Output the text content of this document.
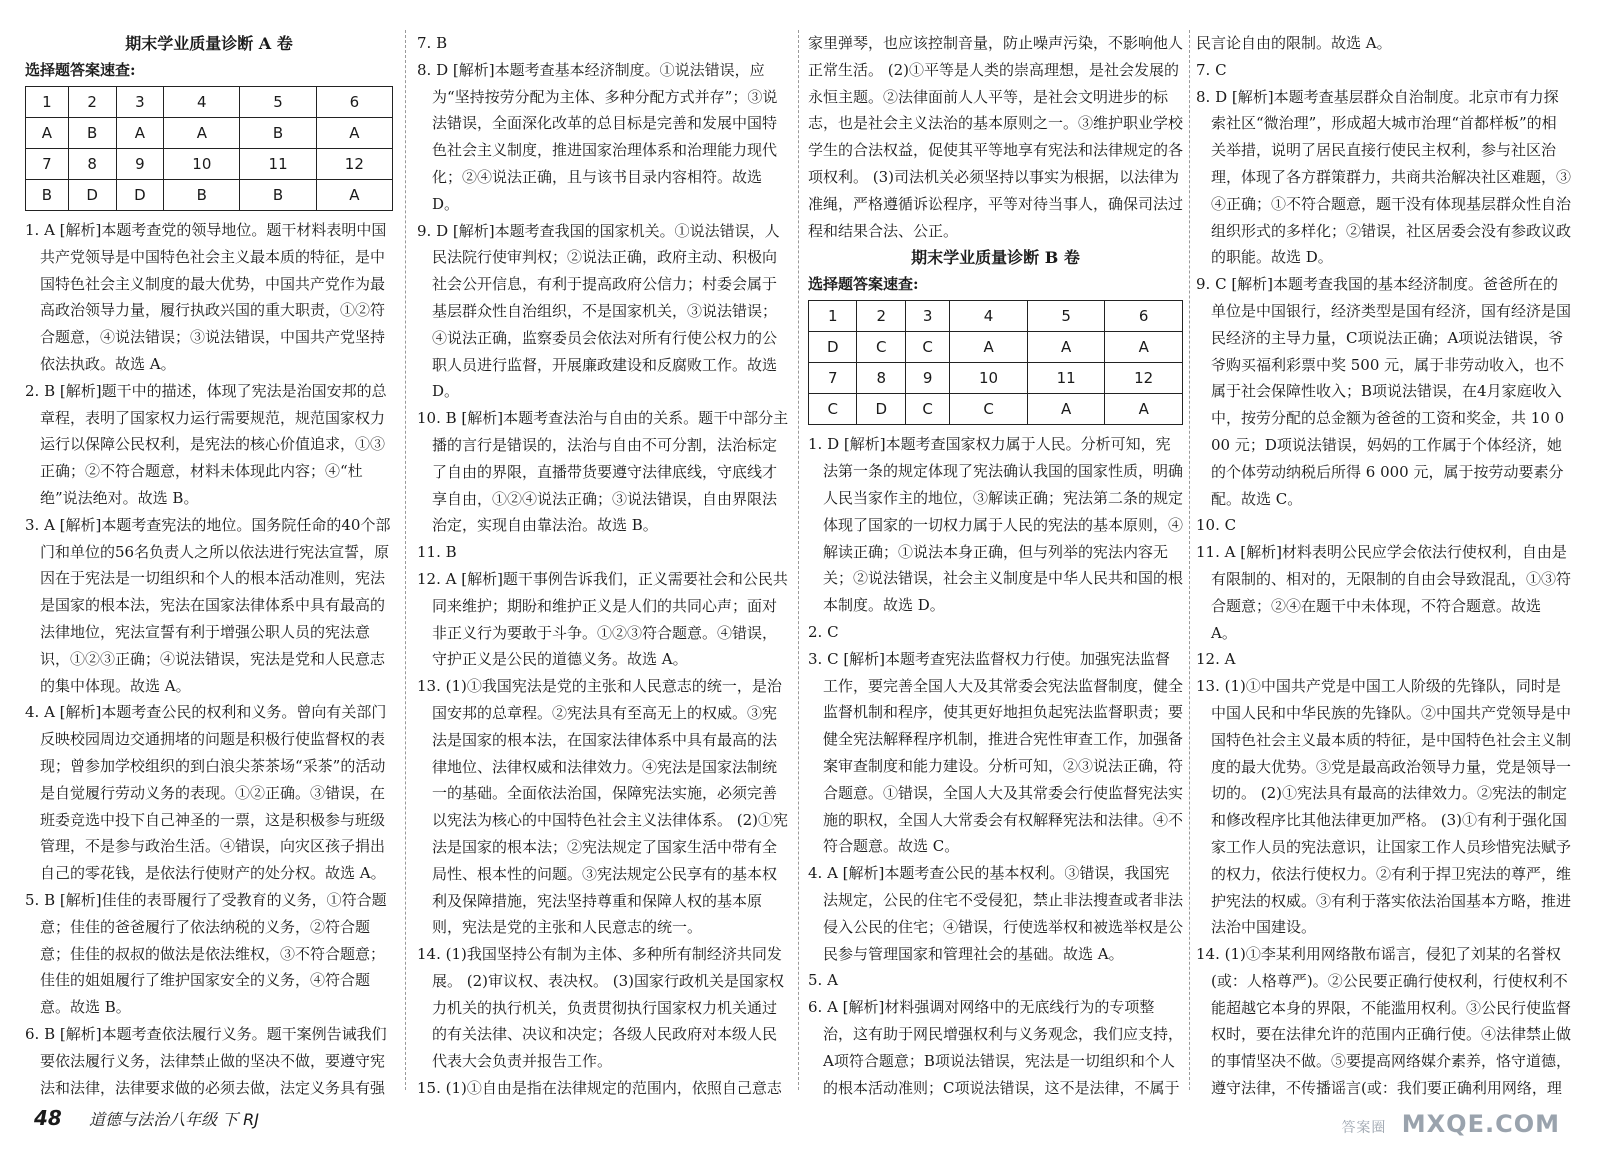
期末学业质量诊断 A 卷

选择题答案速查:

1	2	3	4	5	6
A	B	A	A	B	A
7	8	9	10	11	12
B	D	D	B	B	A

1. A [解析]本题考查党的领导地位。题干材料表明中国共产党领导是中国特色社会主义最本质的特征，是中国特色社会主义制度的最大优势，中国共产党作为最高政治领导力量，履行执政兴国的重大职责，①②符合题意，④说法错误；③说法错误，中国共产党坚持依法执政。故选 A。

2. B [解析]题干中的描述，体现了宪法是治国安邦的总章程，表明了国家权力运行需要规范，规范国家权力运行以保障公民权利，是宪法的核心价值追求，①③正确；②不符合题意，材料未体现此内容；④“杜绝”说法绝对。故选 B。

3. A [解析]本题考查宪法的地位。国务院任命的40个部门和单位的56名负责人之所以依法进行宪法宣誓，原因在于宪法是一切组织和个人的根本活动准则，宪法是国家的根本法，宪法在国家法律体系中具有最高的法律地位，宪法宣誓有利于增强公职人员的宪法意识，①②③正确；④说法错误，宪法是党和人民意志的集中体现。故选 A。

4. A [解析]本题考查公民的权利和义务。曾向有关部门反映校园周边交通拥堵的问题是积极行使监督权的表现；曾参加学校组织的到白浪尖茶茶场“采茶”的活动是自觉履行劳动义务的表现。①②正确。③错误，在班委竞选中投下自己神圣的一票，这是积极参与班级管理，不是参与政治生活。④错误，向灾区孩子捐出自己的零花钱，是依法行使财产的处分权。故选 A。

5. B [解析]佳佳的表哥履行了受教育的义务，①符合题意；佳佳的爸爸履行了依法纳税的义务，②符合题意；佳佳的叔叔的做法是依法维权，③不符合题意；佳佳的姐姐履行了维护国家安全的义务，④符合题意。故选 B。

6. B [解析]本题考查依法履行义务。题干案例告诫我们要依法履行义务，法律禁止做的坚决不做，要遵守宪法和法律，法律要求做的必须去做，法定义务具有强

7. B

8. D [解析]本题考查基本经济制度。①说法错误，应为“坚持按劳分配为主体、多种分配方式并存”；③说法错误，全面深化改革的总目标是完善和发展中国特色社会主义制度，推进国家治理体系和治理能力现代化；②④说法正确，且与该书目录内容相符。故选 D。

9. D [解析]本题考查我国的国家机关。①说法错误，人民法院行使审判权；②说法正确，政府主动、积极向社会公开信息，有利于提高政府公信力；村委会属于基层群众性自治组织，不是国家机关，③说法错误；④说法正确，监察委员会依法对所有行使公权力的公职人员进行监督，开展廉政建设和反腐败工作。故选 D。

10. B [解析]本题考查法治与自由的关系。题干中部分主播的言行是错误的，法治与自由不可分割，法治标定了自由的界限，直播带货要遵守法律底线，守底线才享自由，①②④说法正确；③说法错误，自由界限法治定，实现自由靠法治。故选 B。

11. B

12. A [解析]题干事例告诉我们，正义需要社会和公民共同来维护；期盼和维护正义是人们的共同心声；面对非正义行为要敢于斗争。①②③符合题意。④错误，守护正义是公民的道德义务。故选 A。

13. (1)①我国宪法是党的主张和人民意志的统一，是治国安邦的总章程。②宪法具有至高无上的权威。③宪法是国家的根本法，在国家法律体系中具有最高的法律地位、法律权威和法律效力。④宪法是国家法制统一的基础。全面依法治国，保障宪法实施，必须完善以宪法为核心的中国特色社会主义法律体系。 (2)①宪法是国家的根本法；②宪法规定了国家生活中带有全局性、根本性的问题。③宪法规定公民享有的基本权利及保障措施，宪法坚持尊重和保障人权的基本原则，宪法是党的主张和人民意志的统一。

14. (1)我国坚持公有制为主体、多种所有制经济共同发展。 (2)审议权、表决权。 (3)国家行政机关是国家权力机关的执行机关，负责贯彻执行国家权力机关通过的有关法律、决议和决定；各级人民政府对本级人民代表大会负责并报告工作。

15. (1)①自由是指在法律规定的范围内，依照自己意志

家里弹琴，也应该控制音量，防止噪声污染，不影响他人正常生活。 (2)①平等是人类的崇高理想，是社会发展的永恒主题。②法律面前人人平等，是社会文明进步的标志，也是社会主义法治的基本原则之一。③维护职业学校学生的合法权益，促使其平等地享有宪法和法律规定的各项权利。 (3)司法机关必须坚持以事实为根据，以法律为准绳，严格遵循诉讼程序，平等对待当事人，确保司法过程和结果合法、公正。

期末学业质量诊断 B 卷

选择题答案速查:

1	2	3	4	5	6
D	C	C	A	A	A
7	8	9	10	11	12
C	D	C	C	A	A

1. D [解析]本题考查国家权力属于人民。分析可知，宪法第一条的规定体现了宪法确认我国的国家性质，明确人民当家作主的地位，③解读正确；宪法第二条的规定体现了国家的一切权力属于人民的宪法的基本原则，④解读正确；①说法本身正确，但与列举的宪法内容无关；②说法错误，社会主义制度是中华人民共和国的根本制度。故选 D。

2. C

3. C [解析]本题考查宪法监督权力行使。加强宪法监督工作，要完善全国人大及其常委会宪法监督制度，健全监督机制和程序，使其更好地担负起宪法监督职责；要健全宪法解释程序机制，推进合宪性审查工作，加强备案审查制度和能力建设。分析可知，②③说法正确，符合题意。①错误，全国人大及其常委会行使监督宪法实施的职权，全国人大常委会有权解释宪法和法律。④不符合题意。故选 C。

4. A [解析]本题考查公民的基本权利。③错误，我国宪法规定，公民的住宅不受侵犯，禁止非法搜查或者非法侵入公民的住宅；④错误，行使选举权和被选举权是公民参与管理国家和管理社会的基础。故选 A。

5. A

6. A [解析]材料强调对网络中的无底线行为的专项整治，这有助于网民增强权利与义务观念，我们应支持，A项符合题意；B项说法错误，宪法是一切组织和个人的根本活动准则；C项说法错误，这不是法律，不属于

民言论自由的限制。故选 A。

7. C

8. D [解析]本题考查基层群众自治制度。北京市有力探索社区“微治理”，形成超大城市治理“首都样板”的相关举措，说明了居民直接行使民主权利，参与社区治理，体现了各方群策群力，共商共治解决社区难题，③④正确；①不符合题意，题干没有体现基层群众性自治组织形式的多样化；②错误，社区居委会没有参政议政的职能。故选 D。

9. C [解析]本题考查我国的基本经济制度。爸爸所在的单位是中国银行，经济类型是国有经济，国有经济是国民经济的主导力量，C项说法正确；A项说法错误，爷爷购买福利彩票中奖 500 元，属于非劳动收入，也不属于社会保障性收入；B项说法错误，在4月家庭收入中，按劳分配的总金额为爸爸的工资和奖金，共 10 000 元；D项说法错误，妈妈的工作属于个体经济，她的个体劳动纳税后所得 6 000 元，属于按劳动要素分配。故选 C。

10. C

11. A [解析]材料表明公民应学会依法行使权利，自由是有限制的、相对的，无限制的自由会导致混乱，①③符合题意；②④在题干中未体现，不符合题意。故选 A。

12. A

13. (1)①中国共产党是中国工人阶级的先锋队，同时是中国人民和中华民族的先锋队。②中国共产党领导是中国特色社会主义最本质的特征，是中国特色社会主义制度的最大优势。③党是最高政治领导力量，党是领导一切的。 (2)①宪法具有最高的法律效力。②宪法的制定和修改程序比其他法律更加严格。 (3)①有利于强化国家工作人员的宪法意识，让国家工作人员珍惜宪法赋予的权力，依法行使权力。②有利于捍卫宪法的尊严，维护宪法的权威。③有利于落实依法治国基本方略，推进法治中国建设。

14. (1)①李某利用网络散布谣言，侵犯了刘某的名誉权(或：人格尊严)。②公民要正确行使权利，行使权利不能超越它本身的界限，不能滥用权利。③公民行使监督权时，要在法律允许的范围内正确行使。④法律禁止做的事情坚决不做。⑤要提高网络媒介素养，恪守道德，遵守法律，不传播谣言(或：我们要正确利用网络，理

48 道德与法治八年级 下 RJ	答案圈 MXQE.COM
